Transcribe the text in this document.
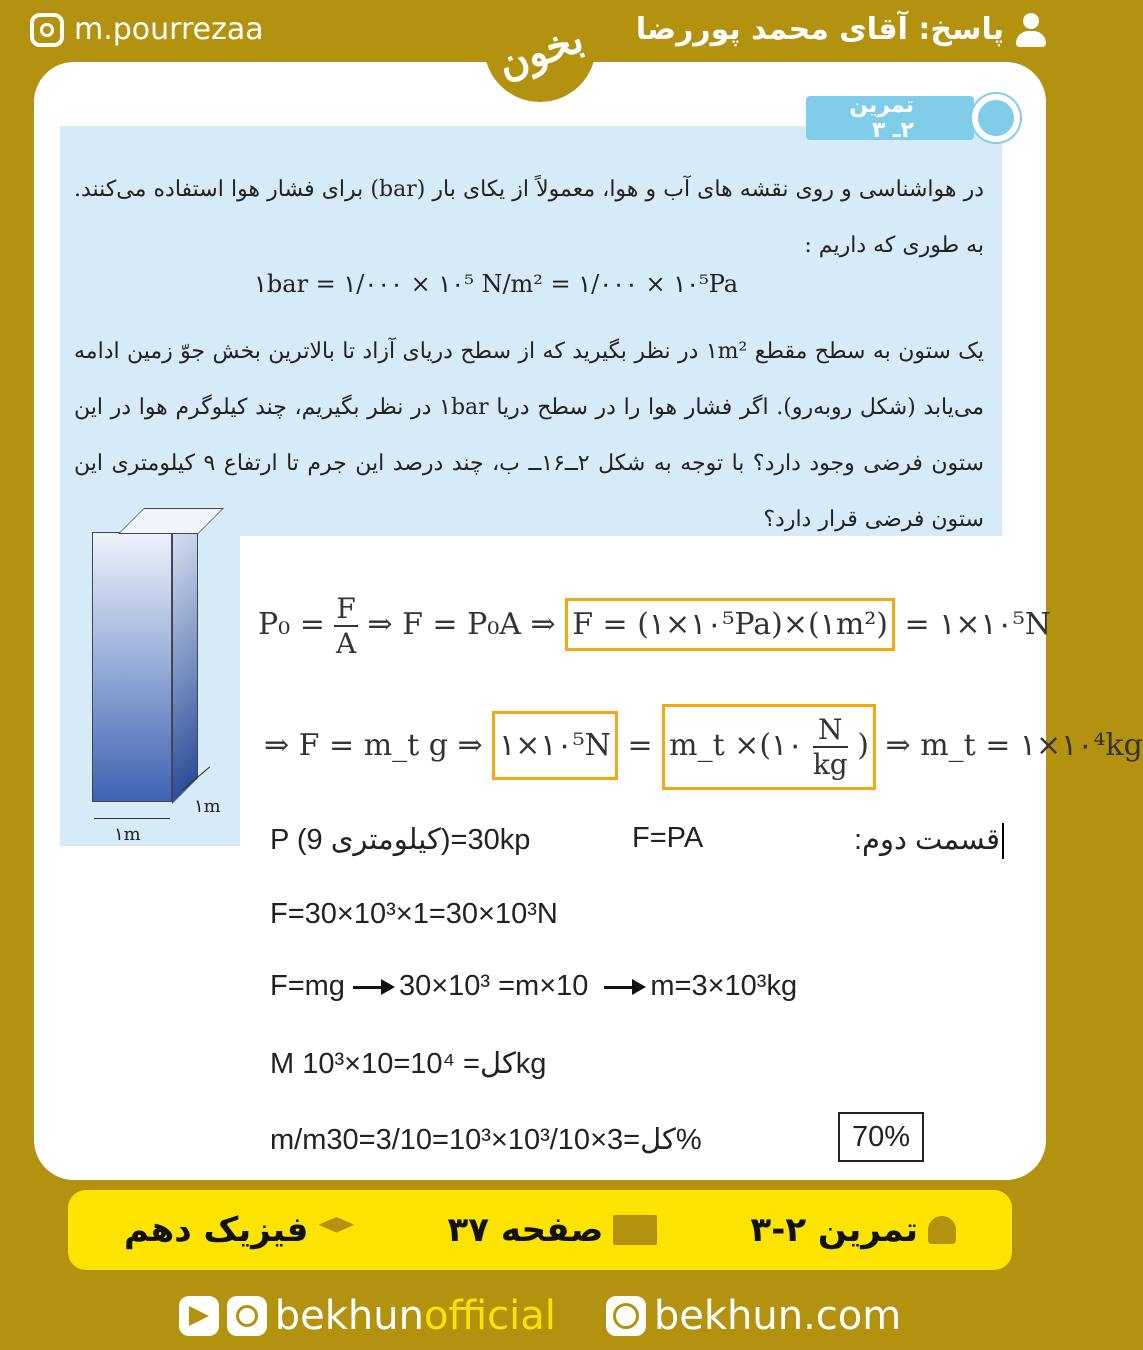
m.pourrezaa	پاسخ: آقای محمد پوررضا
بخون
تمرین ۲ـ ۳
در هواشناسی و روی نقشه های آب و هوا، معمولاً از یکای بار (bar) برای فشار هوا استفاده می‌کنند. به طوری که داریم :
یک ستون به سطح مقطع ۱m² در نظر بگیرید که از سطح دریای آزاد تا بالاترین بخش جوّ زمین ادامه می‌یابد (شکل روبه‌رو). اگر فشار هوا را در سطح دریا ۱bar در نظر بگیریم، چند کیلوگرم هوا در این ستون فرضی وجود دارد؟ با توجه به شکل ۲ــ۱۶ــ ب، چند درصد این جرم تا ارتفاع ۹ کیلومتری این ستون فرضی قرار دارد؟
۱bar = ۱/۰۰۰ × ۱۰⁵ N/m² = ۱/۰۰۰ × ۱۰⁵Pa
۱m
۱m
$P_0 = \frac{F}{A}$ ⇒ F = P₀A ⇒ F = (۱×۱۰⁵Pa)×(۱m²) = ۱×۱۰⁵N
⇒ F = m_t g ⇒ ۱×۱۰⁵N = m_t ×(۱۰ $\frac{N}{kg}$ ) ⇒ m_t = ۱×۱۰⁴kg
P (9 کیلومتری)=30kp	F=PA	قسمت دوم:
F=30×10³×1=30×10³N
F=mg 30×10³ =m×10 m=3×10³kg
M کل= 10⁴=10×10³kg
m/mکل=3×10³/10×10³=3/10=30%	70%
تمرین ۲-۳
صفحه ۳۷
فیزیک دهم
bekhunofficial bekhun.com
